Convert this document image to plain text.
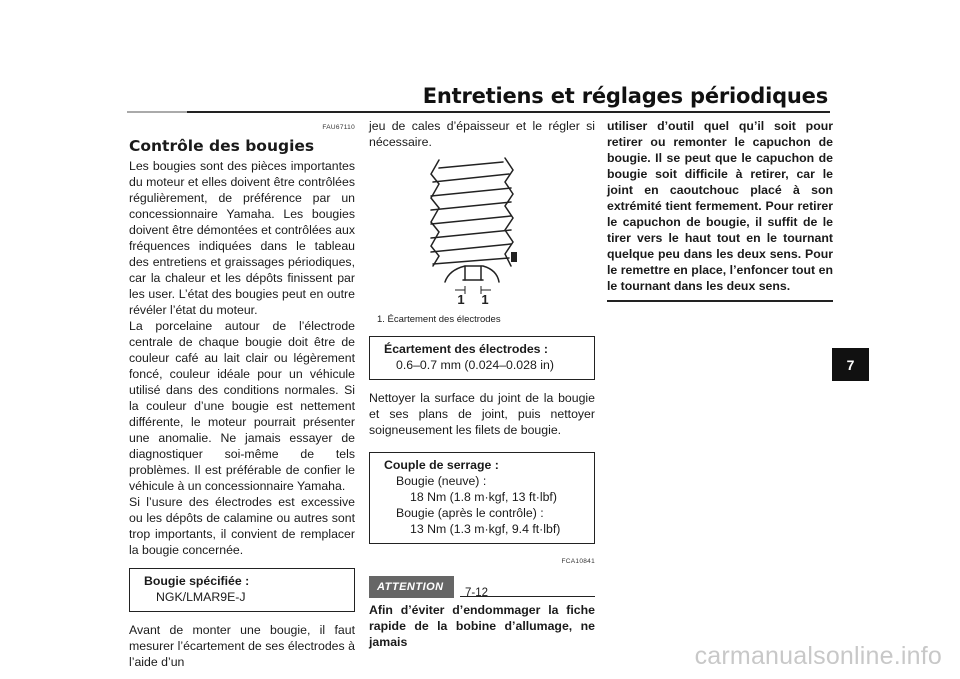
Entretiens et réglages périodiques
FAU67110
Contrôle des bougies

Les bougies sont des pièces importantes du moteur et elles doivent être contrôlées régulièrement, de préférence par un concessionnaire Yamaha. Les bougies doivent être démontées et contrôlées aux fréquences indiquées dans le tableau des entretiens et graissages périodiques, car la chaleur et les dépôts finissent par les user. L’état des bougies peut en outre révéler l’état du moteur.

La porcelaine autour de l’électrode centrale de chaque bougie doit être de couleur café au lait clair ou légèrement foncé, couleur idéale pour un véhicule utilisé dans des conditions normales. Si la couleur d’une bougie est nettement différente, le moteur pourrait présenter une anomalie. Ne jamais essayer de diagnostiquer soi-même de tels problèmes. Il est préférable de confier le véhicule à un concessionnaire Yamaha.

Si l’usure des électrodes est excessive ou les dépôts de calamine ou autres sont trop importants, il convient de remplacer la bougie concernée.

Bougie spécifiée :
NGK/LMAR9E-J

Avant de monter une bougie, il faut mesurer l’écartement de ses électrodes à l’aide d’un

jeu de cales d’épaisseur et le régler si nécessaire.

1 1
1. Écartement des électrodes
Écartement des électrodes :
0.6–0.7 mm (0.024–0.028 in)

Nettoyer la surface du joint de la bougie et ses plans de joint, puis nettoyer soigneusement les filets de bougie.

Couple de serrage :
Bougie (neuve) :
18 Nm (1.8 m·kgf, 13 ft·lbf)
Bougie (après le contrôle) :
13 Nm (1.3 m·kgf, 9.4 ft·lbf)
FCA10841
ATTENTION

Afin d’éviter d’endommager la fiche rapide de la bobine d’allumage, ne jamais

utiliser d’outil quel qu’il soit pour retirer ou remonter le capuchon de bougie. Il se peut que le capuchon de bougie soit difficile à retirer, car le joint en caoutchouc placé à son extrémité tient fermement. Pour retirer le capuchon de bougie, il suffit de le tirer vers le haut tout en le tournant quelque peu dans les deux sens. Pour le remettre en place, l’enfoncer tout en le tournant dans les deux sens.

7
7-12
carmanualsonline.info
